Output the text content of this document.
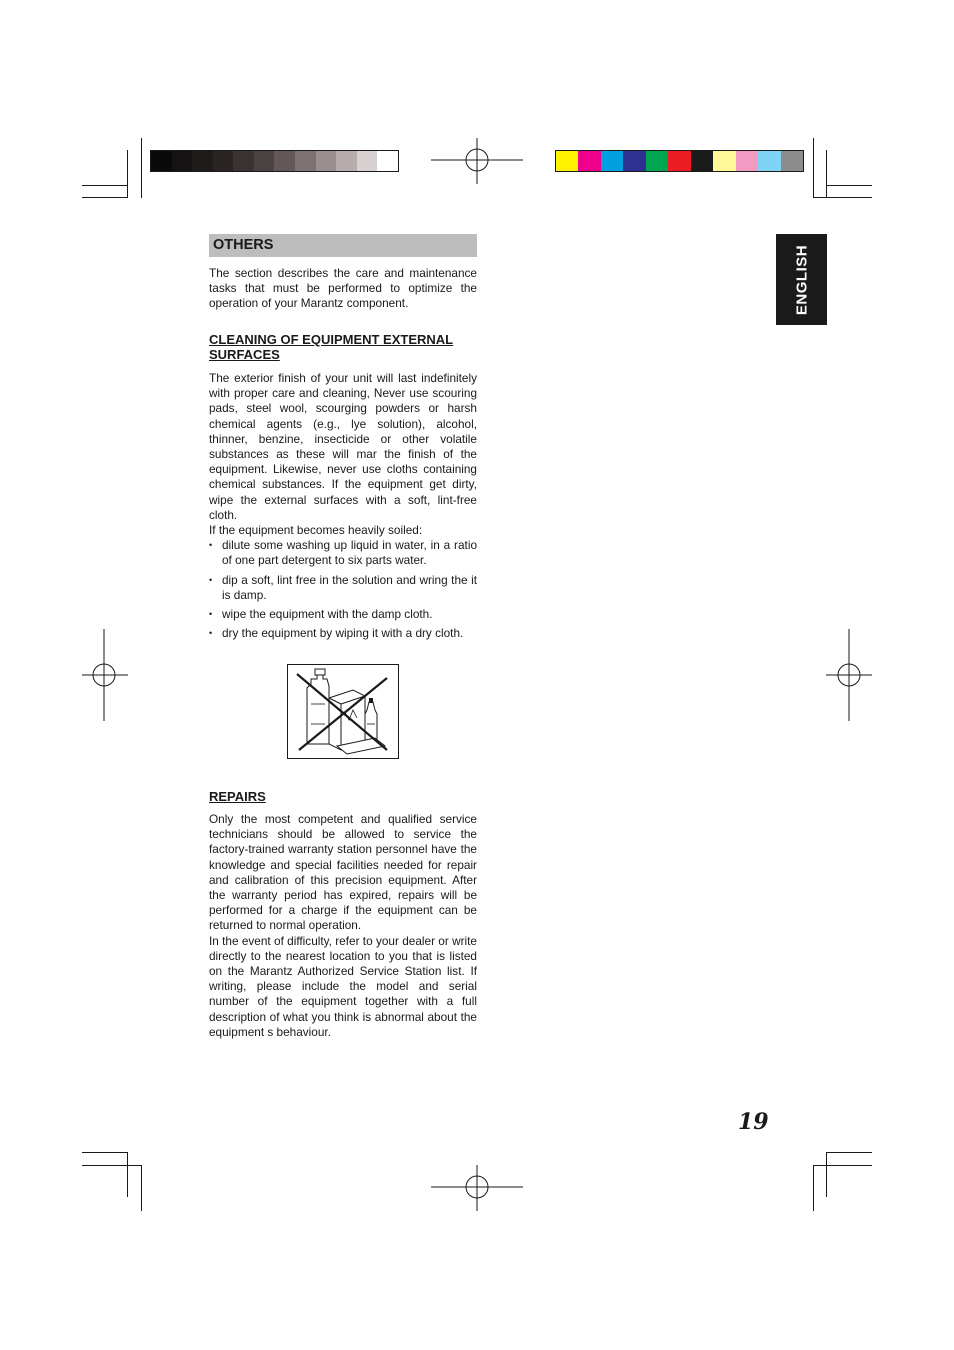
ENGLISH
OTHERS

The section describes the care and maintenance tasks that must be performed to optimize the operation of your Marantz component.

CLEANING OF EQUIPMENT EXTERNAL
SURFACES

The exterior finish of your unit will last indefinitely with proper care and cleaning, Never use scouring pads, steel wool, scourging powders or harsh chemical agents (e.g., lye solution), alcohol, thinner, benzine, insecticide or other volatile substances as these will mar the finish of the equipment. Likewise, never use cloths containing chemical substances. If the equipment get dirty, wipe the external surfaces with a soft, lint-free cloth.

If the equipment becomes heavily soiled:

• dilute some washing up liquid in water, in a ratio of one part detergent to six parts water.
• dip a soft, lint free in the solution and wring the it is damp.
• wipe the equipment with the damp cloth.
• dry the equipment by wiping it with a dry cloth.
REPAIRS

Only the most competent and qualified service technicians should be allowed to service the factory-trained warranty station personnel have the knowledge and special facilities needed for repair and calibration of this precision equipment. After the warranty period has expired, repairs will be performed for a charge if the equipment can be returned to normal operation.

In the event of difficulty, refer to your dealer or write directly to the nearest location to you that is listed on the Marantz Authorized Service Station list. If writing, please include the model and serial number of the equipment together with a full description of what you think is abnormal about the equipment s behaviour.

19
